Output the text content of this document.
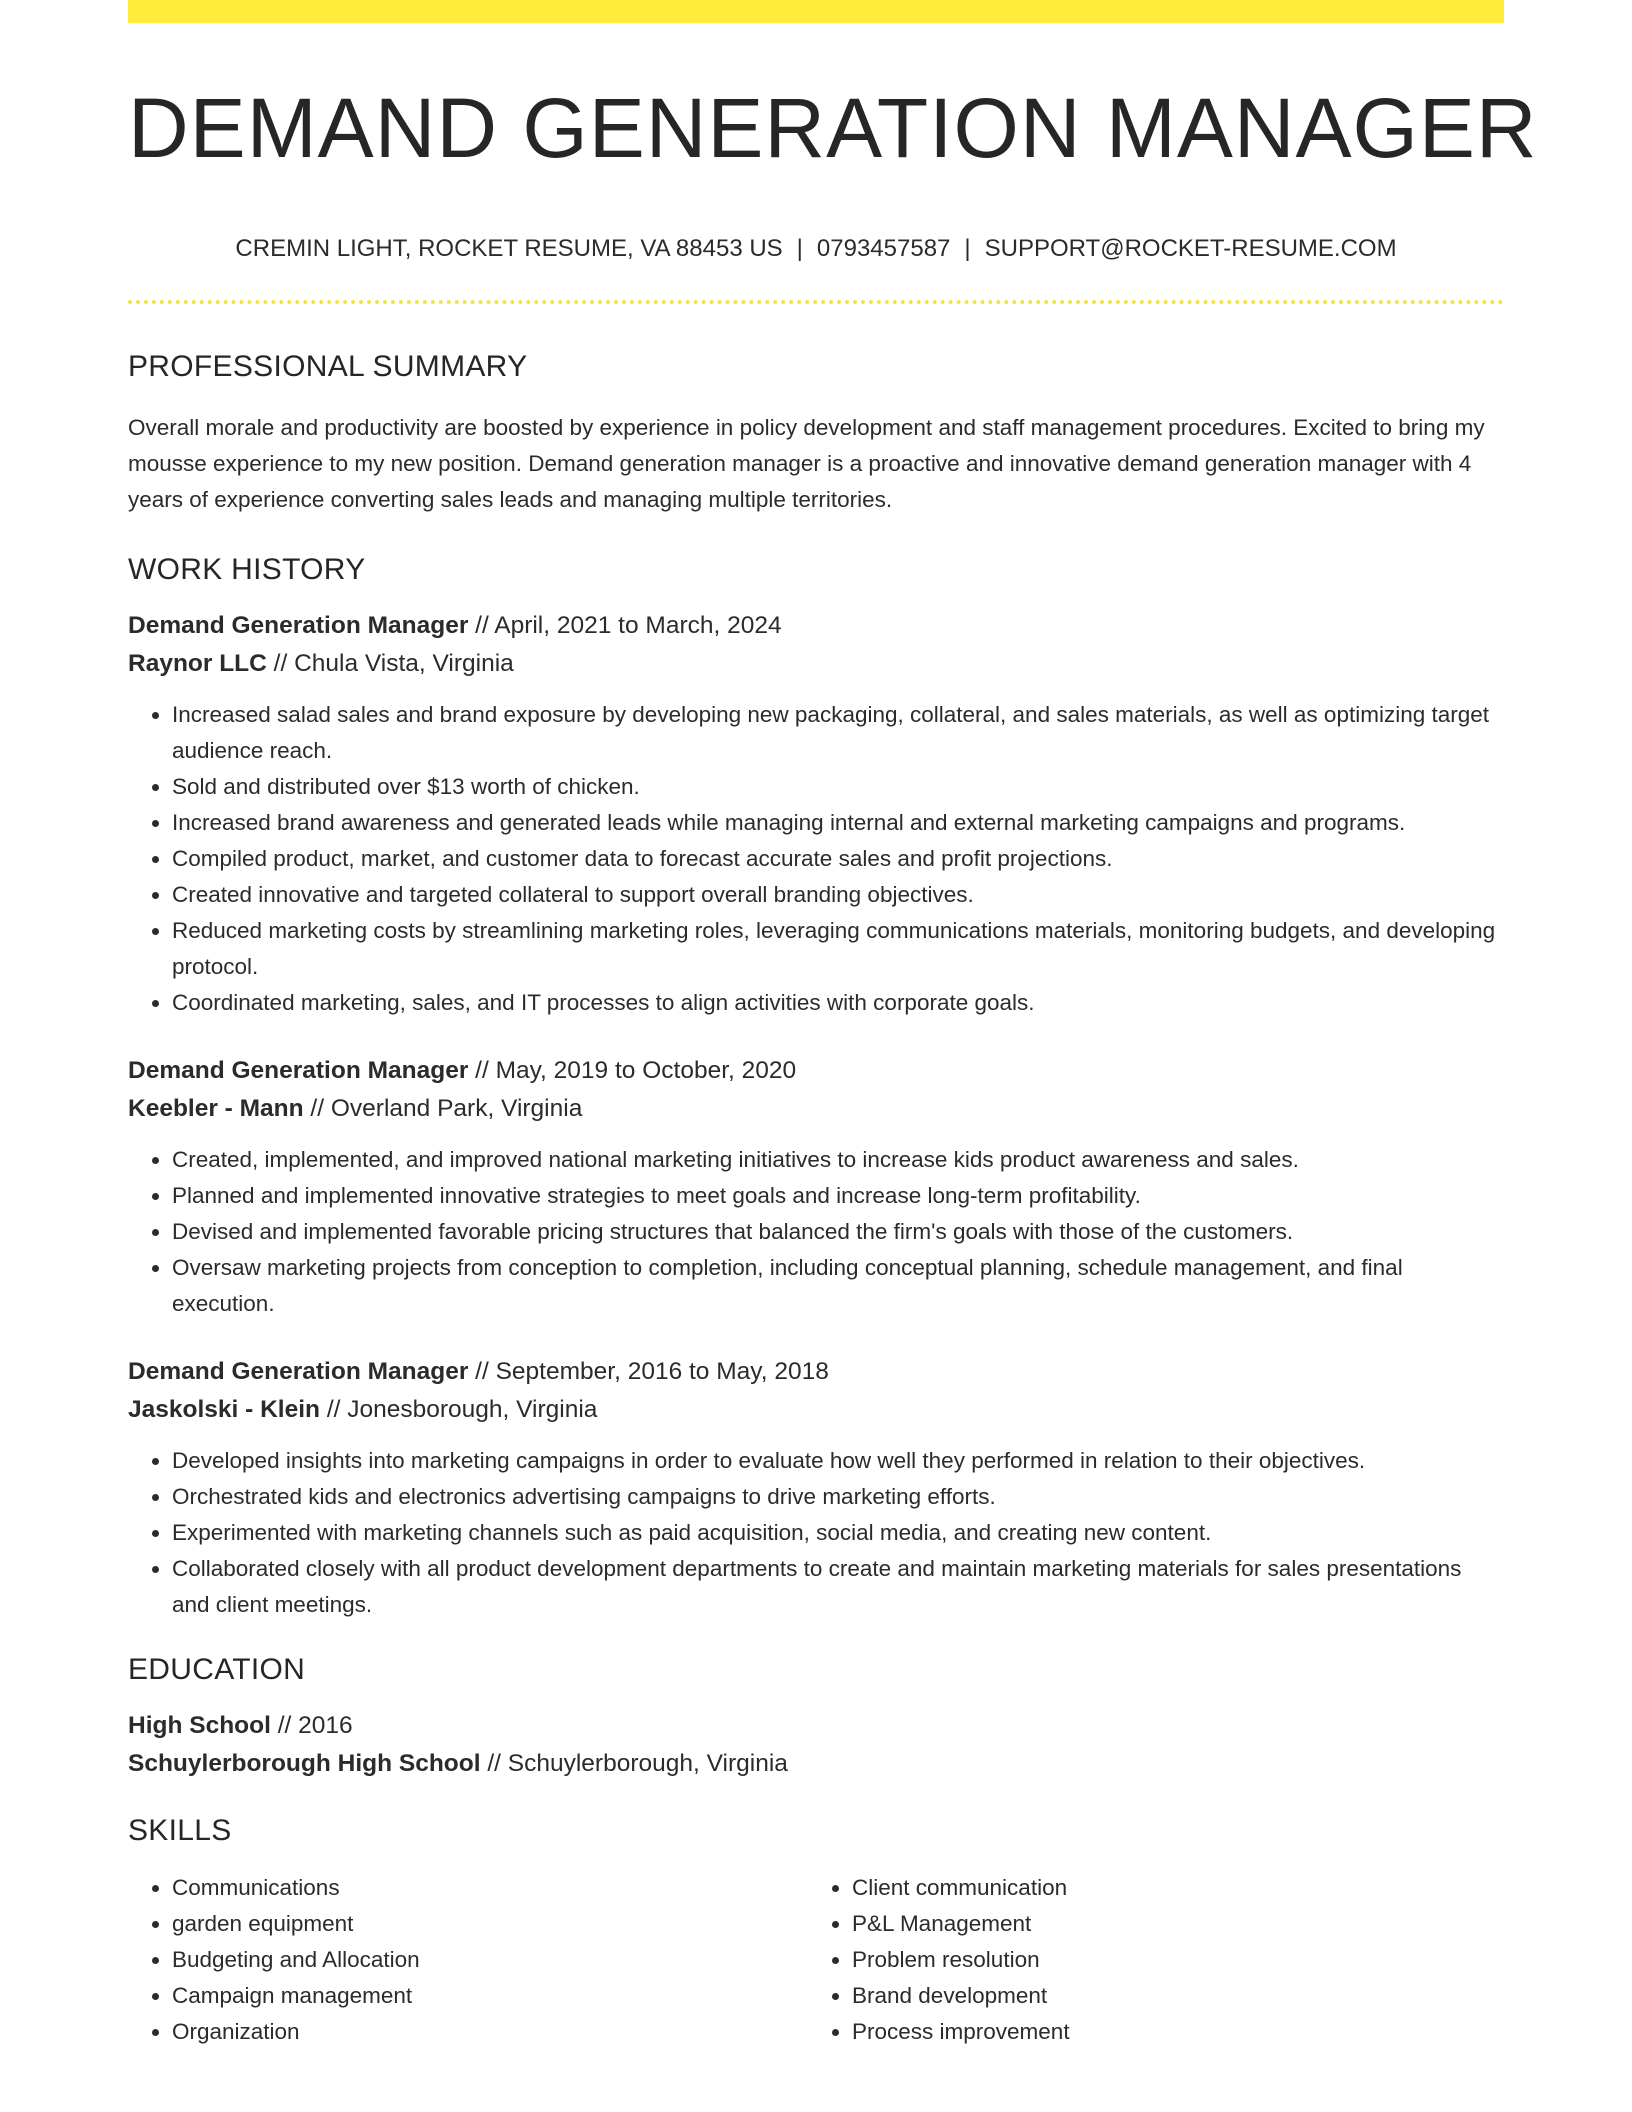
DEMAND GENERATION MANAGER
CREMIN LIGHT, ROCKET RESUME, VA 88453 US | 0793457587 | SUPPORT@ROCKET-RESUME.COM
PROFESSIONAL SUMMARY
Overall morale and productivity are boosted by experience in policy development and staff management procedures. Excited to bring my mousse experience to my new position. Demand generation manager is a proactive and innovative demand generation manager with 4 years of experience converting sales leads and managing multiple territories.
WORK HISTORY
Demand Generation Manager // April, 2021 to March, 2024
Raynor LLC // Chula Vista, Virginia
• Increased salad sales and brand exposure by developing new packaging, collateral, and sales materials, as well as optimizing target audience reach.
• Sold and distributed over $13 worth of chicken.
• Increased brand awareness and generated leads while managing internal and external marketing campaigns and programs.
• Compiled product, market, and customer data to forecast accurate sales and profit projections.
• Created innovative and targeted collateral to support overall branding objectives.
• Reduced marketing costs by streamlining marketing roles, leveraging communications materials, monitoring budgets, and developing protocol.
• Coordinated marketing, sales, and IT processes to align activities with corporate goals.
Demand Generation Manager // May, 2019 to October, 2020
Keebler - Mann // Overland Park, Virginia
• Created, implemented, and improved national marketing initiatives to increase kids product awareness and sales.
• Planned and implemented innovative strategies to meet goals and increase long-term profitability.
• Devised and implemented favorable pricing structures that balanced the firm's goals with those of the customers.
• Oversaw marketing projects from conception to completion, including conceptual planning, schedule management, and final execution.
Demand Generation Manager // September, 2016 to May, 2018
Jaskolski - Klein // Jonesborough, Virginia
• Developed insights into marketing campaigns in order to evaluate how well they performed in relation to their objectives.
• Orchestrated kids and electronics advertising campaigns to drive marketing efforts.
• Experimented with marketing channels such as paid acquisition, social media, and creating new content.
• Collaborated closely with all product development departments to create and maintain marketing materials for sales presentations and client meetings.
EDUCATION
High School // 2016
Schuylerborough High School // Schuylerborough, Virginia
SKILLS
• Communications
• garden equipment
• Budgeting and Allocation
• Campaign management
• Organization
• Client communication
• P&L Management
• Problem resolution
• Brand development
• Process improvement
